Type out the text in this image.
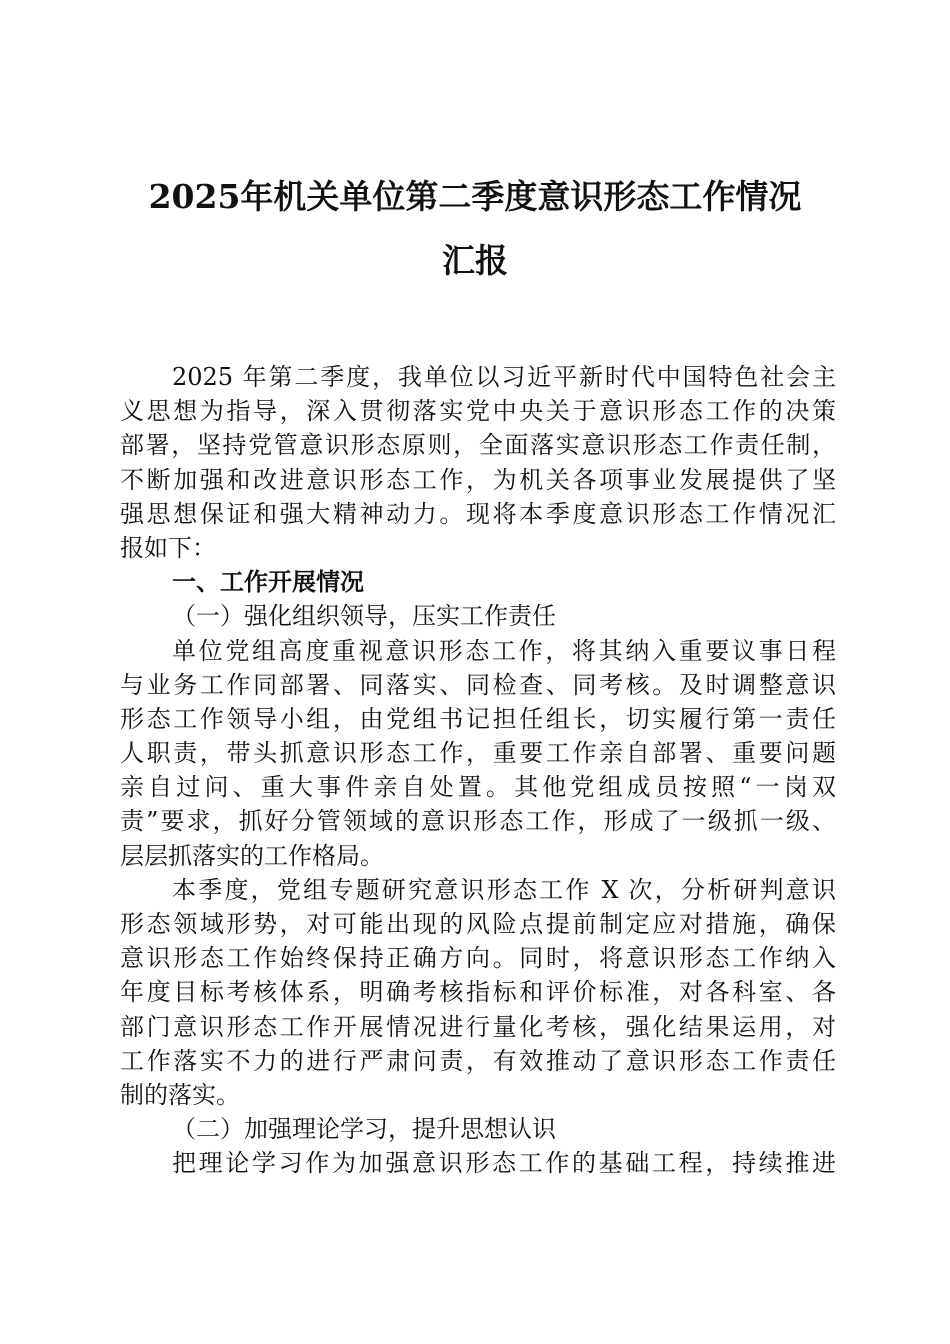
2025年机关单位第二季度意识形态工作情况
汇报
2025 年第二季度，我单位以习近平新时代中国特色社会主
义思想为指导，深入贯彻落实党中央关于意识形态工作的决策
部署，坚持党管意识形态原则，全面落实意识形态工作责任制，
不断加强和改进意识形态工作，为机关各项事业发展提供了坚
强思想保证和强大精神动力。现将本季度意识形态工作情况汇
报如下：
一、工作开展情况
（一）强化组织领导，压实工作责任
单位党组高度重视意识形态工作，将其纳入重要议事日程
与业务工作同部署、同落实、同检查、同考核。及时调整意识
形态工作领导小组，由党组书记担任组长，切实履行第一责任
人职责，带头抓意识形态工作，重要工作亲自部署、重要问题
亲自过问、重大事件亲自处置。其他党组成员按照“一岗双
责”要求，抓好分管领域的意识形态工作，形成了一级抓一级、
层层抓落实的工作格局。
本季度，党组专题研究意识形态工作 X 次，分析研判意识
形态领域形势，对可能出现的风险点提前制定应对措施，确保
意识形态工作始终保持正确方向。同时，将意识形态工作纳入
年度目标考核体系，明确考核指标和评价标准，对各科室、各
部门意识形态工作开展情况进行量化考核，强化结果运用，对
工作落实不力的进行严肃问责，有效推动了意识形态工作责任
制的落实。
（二）加强理论学习，提升思想认识
把理论学习作为加强意识形态工作的基础工程，持续推进
